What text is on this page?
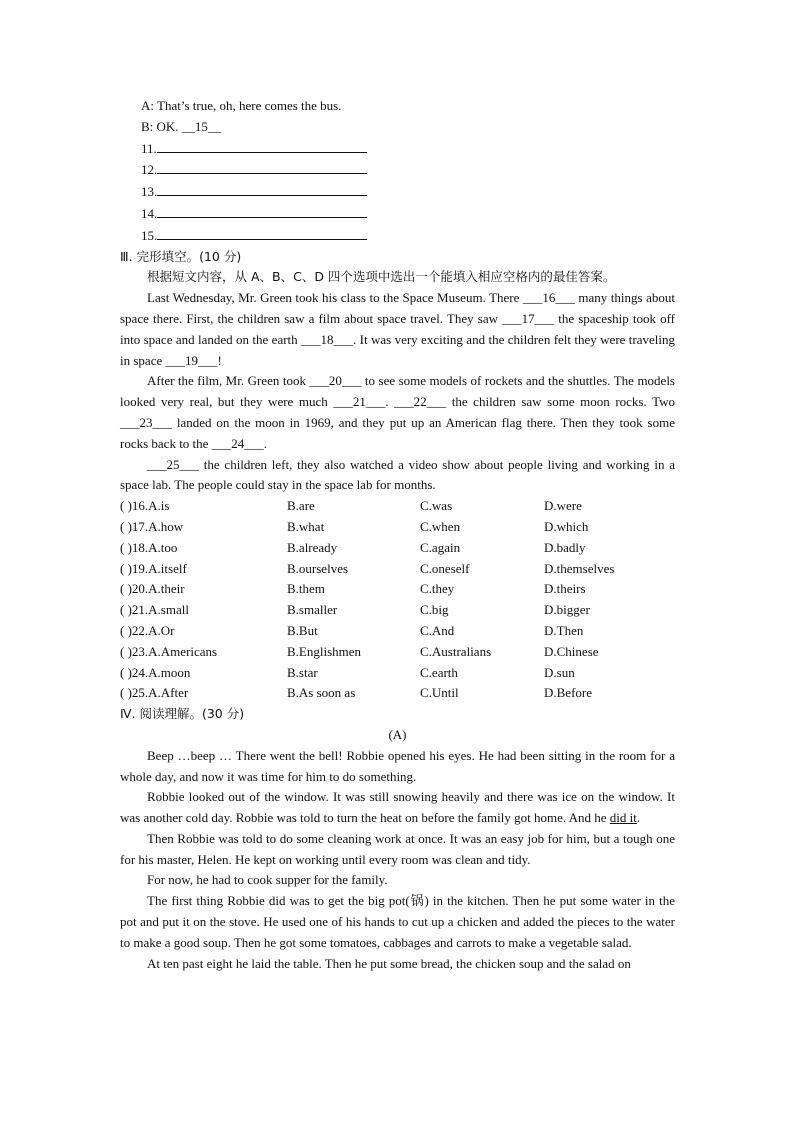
A: That’s true, oh, here comes the bus.
B: OK. __15__
11.
12.
13.
14.
15.
Ⅲ. 完形填空。(10 分)
根据短文内容，从 A、B、C、D 四个选项中选出一个能填入相应空格内的最佳答案。
Last Wednesday, Mr. Green took his class to the Space Museum. There ___16___ many things about space there. First, the children saw a film about space travel. They saw ___17___ the spaceship took off into space and landed on the earth ___18___. It was very exciting and the children felt they were traveling in space ___19___!
After the film, Mr. Green took ___20___ to see some models of rockets and the shuttles. The models looked very real, but they were much ___21___. ___22___ the children saw some moon rocks. Two ___23___ landed on the moon in 1969, and they put up an American flag there. Then they took some rocks back to the ___24___.
___25___ the children left, they also watched a video show about people living and working in a space lab. The people could stay in the space lab for months.
( )16.A.is	B.are	C.was	D.were
( )17.A.how	B.what	C.when	D.which
( )18.A.too	B.already	C.again	D.badly
( )19.A.itself	B.ourselves	C.oneself	D.themselves
( )20.A.their	B.them	C.they	D.theirs
( )21.A.small	B.smaller	C.big	D.bigger
( )22.A.Or	B.But	C.And	D.Then
( )23.A.Americans	B.Englishmen	C.Australians	D.Chinese
( )24.A.moon	B.star	C.earth	D.sun
( )25.A.After	B.As soon as	C.Until	D.Before
Ⅳ. 阅读理解。(30 分)
(A)
Beep …beep … There went the bell! Robbie opened his eyes. He had been sitting in the room for a whole day, and now it was time for him to do something.
Robbie looked out of the window. It was still snowing heavily and there was ice on the window. It was another cold day. Robbie was told to turn the heat on before the family got home. And he did it.
Then Robbie was told to do some cleaning work at once. It was an easy job for him, but a tough one for his master, Helen. He kept on working until every room was clean and tidy.
For now, he had to cook supper for the family.
The first thing Robbie did was to get the big pot(锅) in the kitchen. Then he put some water in the pot and put it on the stove. He used one of his hands to cut up a chicken and added the pieces to the water to make a good soup. Then he got some tomatoes, cabbages and carrots to make a vegetable salad.
At ten past eight he laid the table. Then he put some bread, the chicken soup and the salad on
